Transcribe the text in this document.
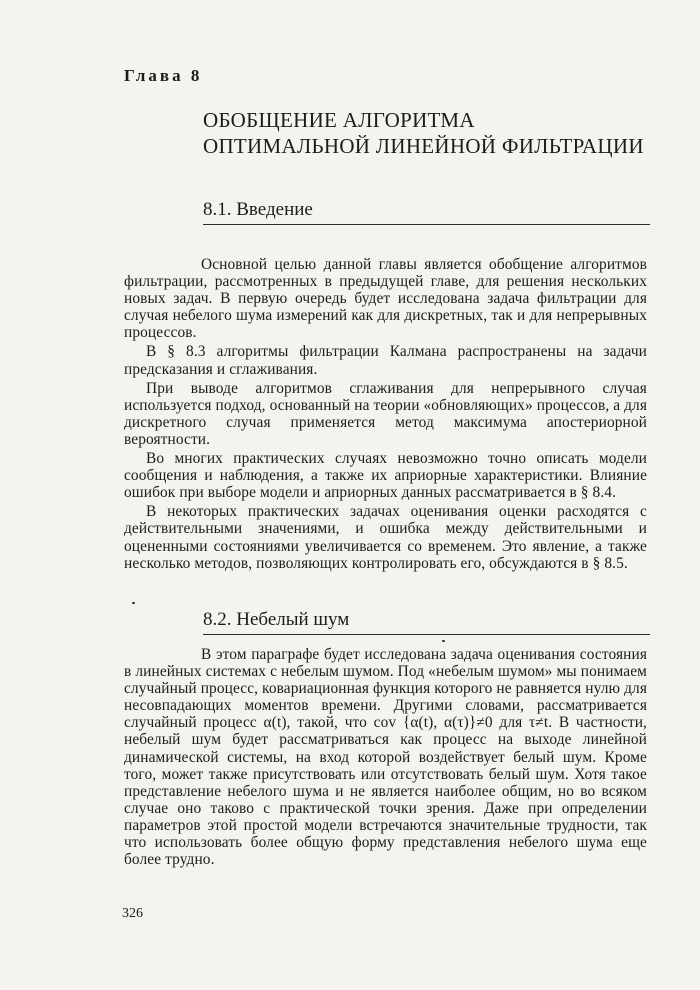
Глава 8
ОБОБЩЕНИЕ АЛГОРИТМА
ОПТИМАЛЬНОЙ ЛИНЕЙНОЙ ФИЛЬТРАЦИИ
8.1. Введение

Основной целью данной главы является обобщение алгоритмов фильтрации, рассмотренных в предыдущей главе, для решения нескольких новых задач. В первую очередь будет исследована задача фильтрации для случая небелого шума измерений как для дискретных, так и для непрерывных процессов.

В § 8.3 алгоритмы фильтрации Калмана распространены на задачи предсказания и сглаживания.

При выводе алгоритмов сглаживания для непрерывного случая используется подход, основанный на теории «обновляющих» процессов, а для дискретного случая применяется метод максимума апостериорной вероятности.

Во многих практических случаях невозможно точно описать модели сообщения и наблюдения, а также их априорные характеристики. Влияние ошибок при выборе модели и априорных данных рассматривается в § 8.4.

В некоторых практических задачах оценивания оценки расходятся с действительными значениями, и ошибка между действительными и оцененными состояниями увеличивается со временем. Это явление, а также несколько методов, позволяющих контролировать его, обсуждаются в § 8.5.

8.2. Небелый шум

В этом параграфе будет исследована задача оценивания состояния в линейных системах с небелым шумом. Под «небелым шумом» мы понимаем случайный процесс, ковариационная функция которого не равняется нулю для несовпадающих моментов времени. Другими словами, рассматривается случайный процесс α(t), такой, что cov {α(t), α(τ)}≠0 для τ≠t. В частности, небелый шум будет рассматриваться как процесс на выходе линейной динамической системы, на вход которой воздействует белый шум. Кроме того, может также присутствовать или отсутствовать белый шум. Хотя такое представление небелого шума и не является наиболее общим, но во всяком случае оно таково с практической точки зрения. Даже при определении параметров этой простой модели встречаются значительные трудности, так что использовать более общую форму представления небелого шума еще более трудно.

326
